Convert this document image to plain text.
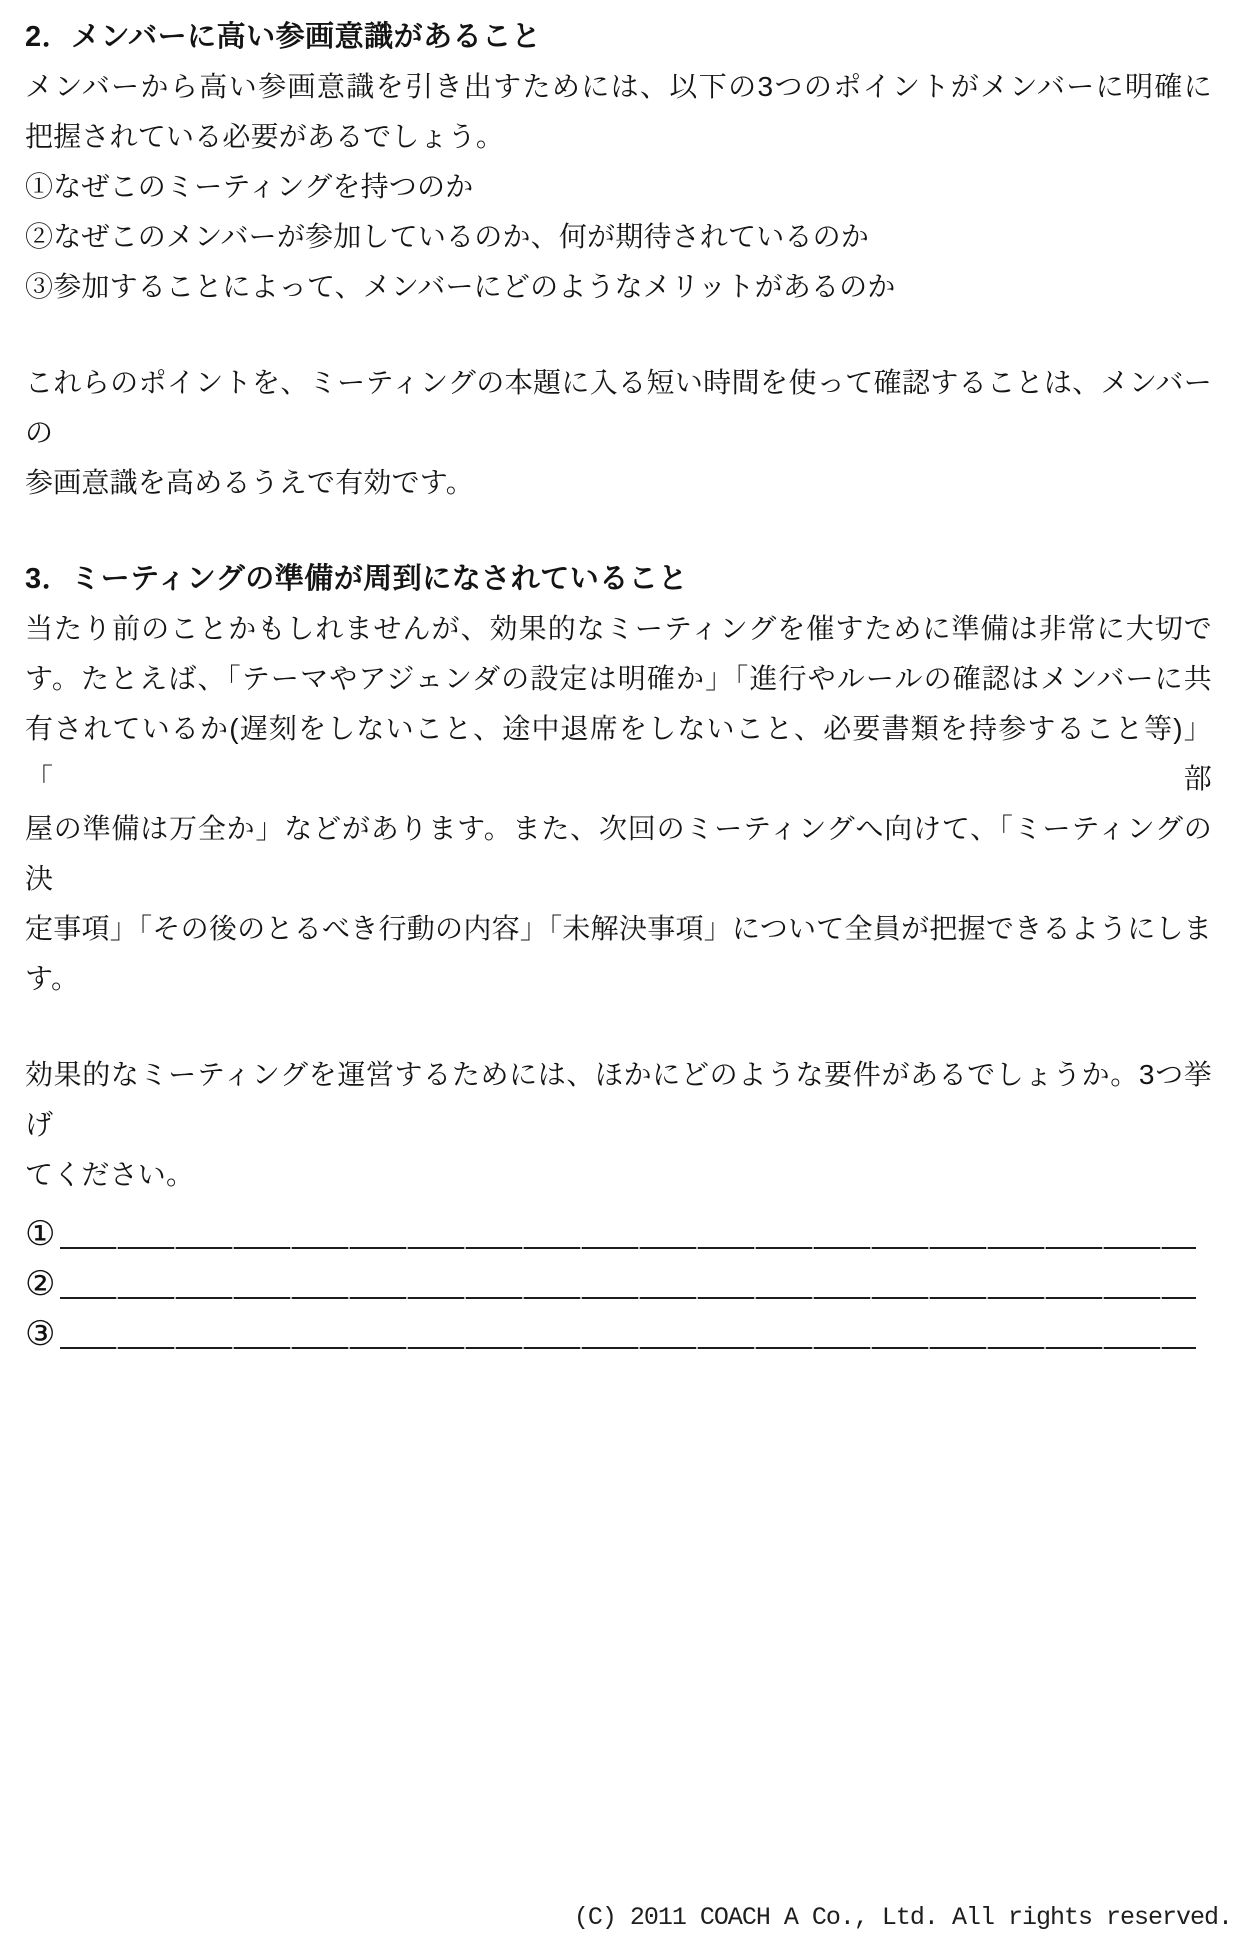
2．メンバーに高い参画意識があること
メンバーから高い参画意識を引き出すためには、以下の3つのポイントがメンバーに明確に
把握されている必要があるでしょう。
①なぜこのミーティングを持つのか
②なぜこのメンバーが参加しているのか、何が期待されているのか
③参加することによって、メンバーにどのようなメリットがあるのか
これらのポイントを、ミーティングの本題に入る短い時間を使って確認することは、メンバーの
参画意識を高めるうえで有効です。
3．ミーティングの準備が周到になされていること
当たり前のことかもしれませんが、効果的なミーティングを催すために準備は非常に大切で
す。たとえば、「テーマやアジェンダの設定は明確か」「進行やルールの確認はメンバーに共
有されているか(遅刻をしないこと、途中退席をしないこと、必要書類を持参すること等)」「部
屋の準備は万全か」などがあります。また、次回のミーティングへ向けて、「ミーティングの決
定事項」「その後のとるべき行動の内容」「未解決事項」について全員が把握できるようにしま
す。
効果的なミーティングを運営するためには、ほかにどのような要件があるでしょうか。3つ挙げ
てください。
①
②
③
(C) 2011 COACH A Co., Ltd. All rights reserved.
